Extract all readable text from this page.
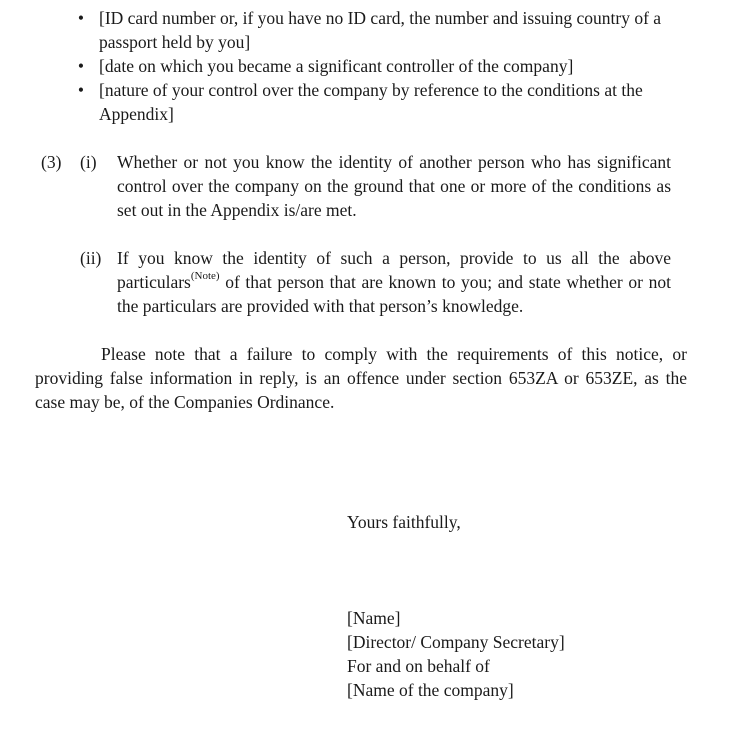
• [ID card number or, if you have no ID card, the number and issuing country of a passport held by you]
• [date on which you became a significant controller of the company]
• [nature of your control over the company by reference to the conditions at the Appendix]
(3) (i) Whether or not you know the identity of another person who has significant control over the company on the ground that one or more of the conditions as set out in the Appendix is/are met.
(ii) If you know the identity of such a person, provide to us all the above particulars$^{(Note)}$ of that person that are known to you; and state whether or not the particulars are provided with that person’s knowledge.
Please note that a failure to comply with the requirements of this notice, or providing false information in reply, is an offence under section 653ZA or 653ZE, as the case may be, of the Companies Ordinance.
Yours faithfully,
[Name]
[Director/ Company Secretary]
For and on behalf of
[Name of the company]
